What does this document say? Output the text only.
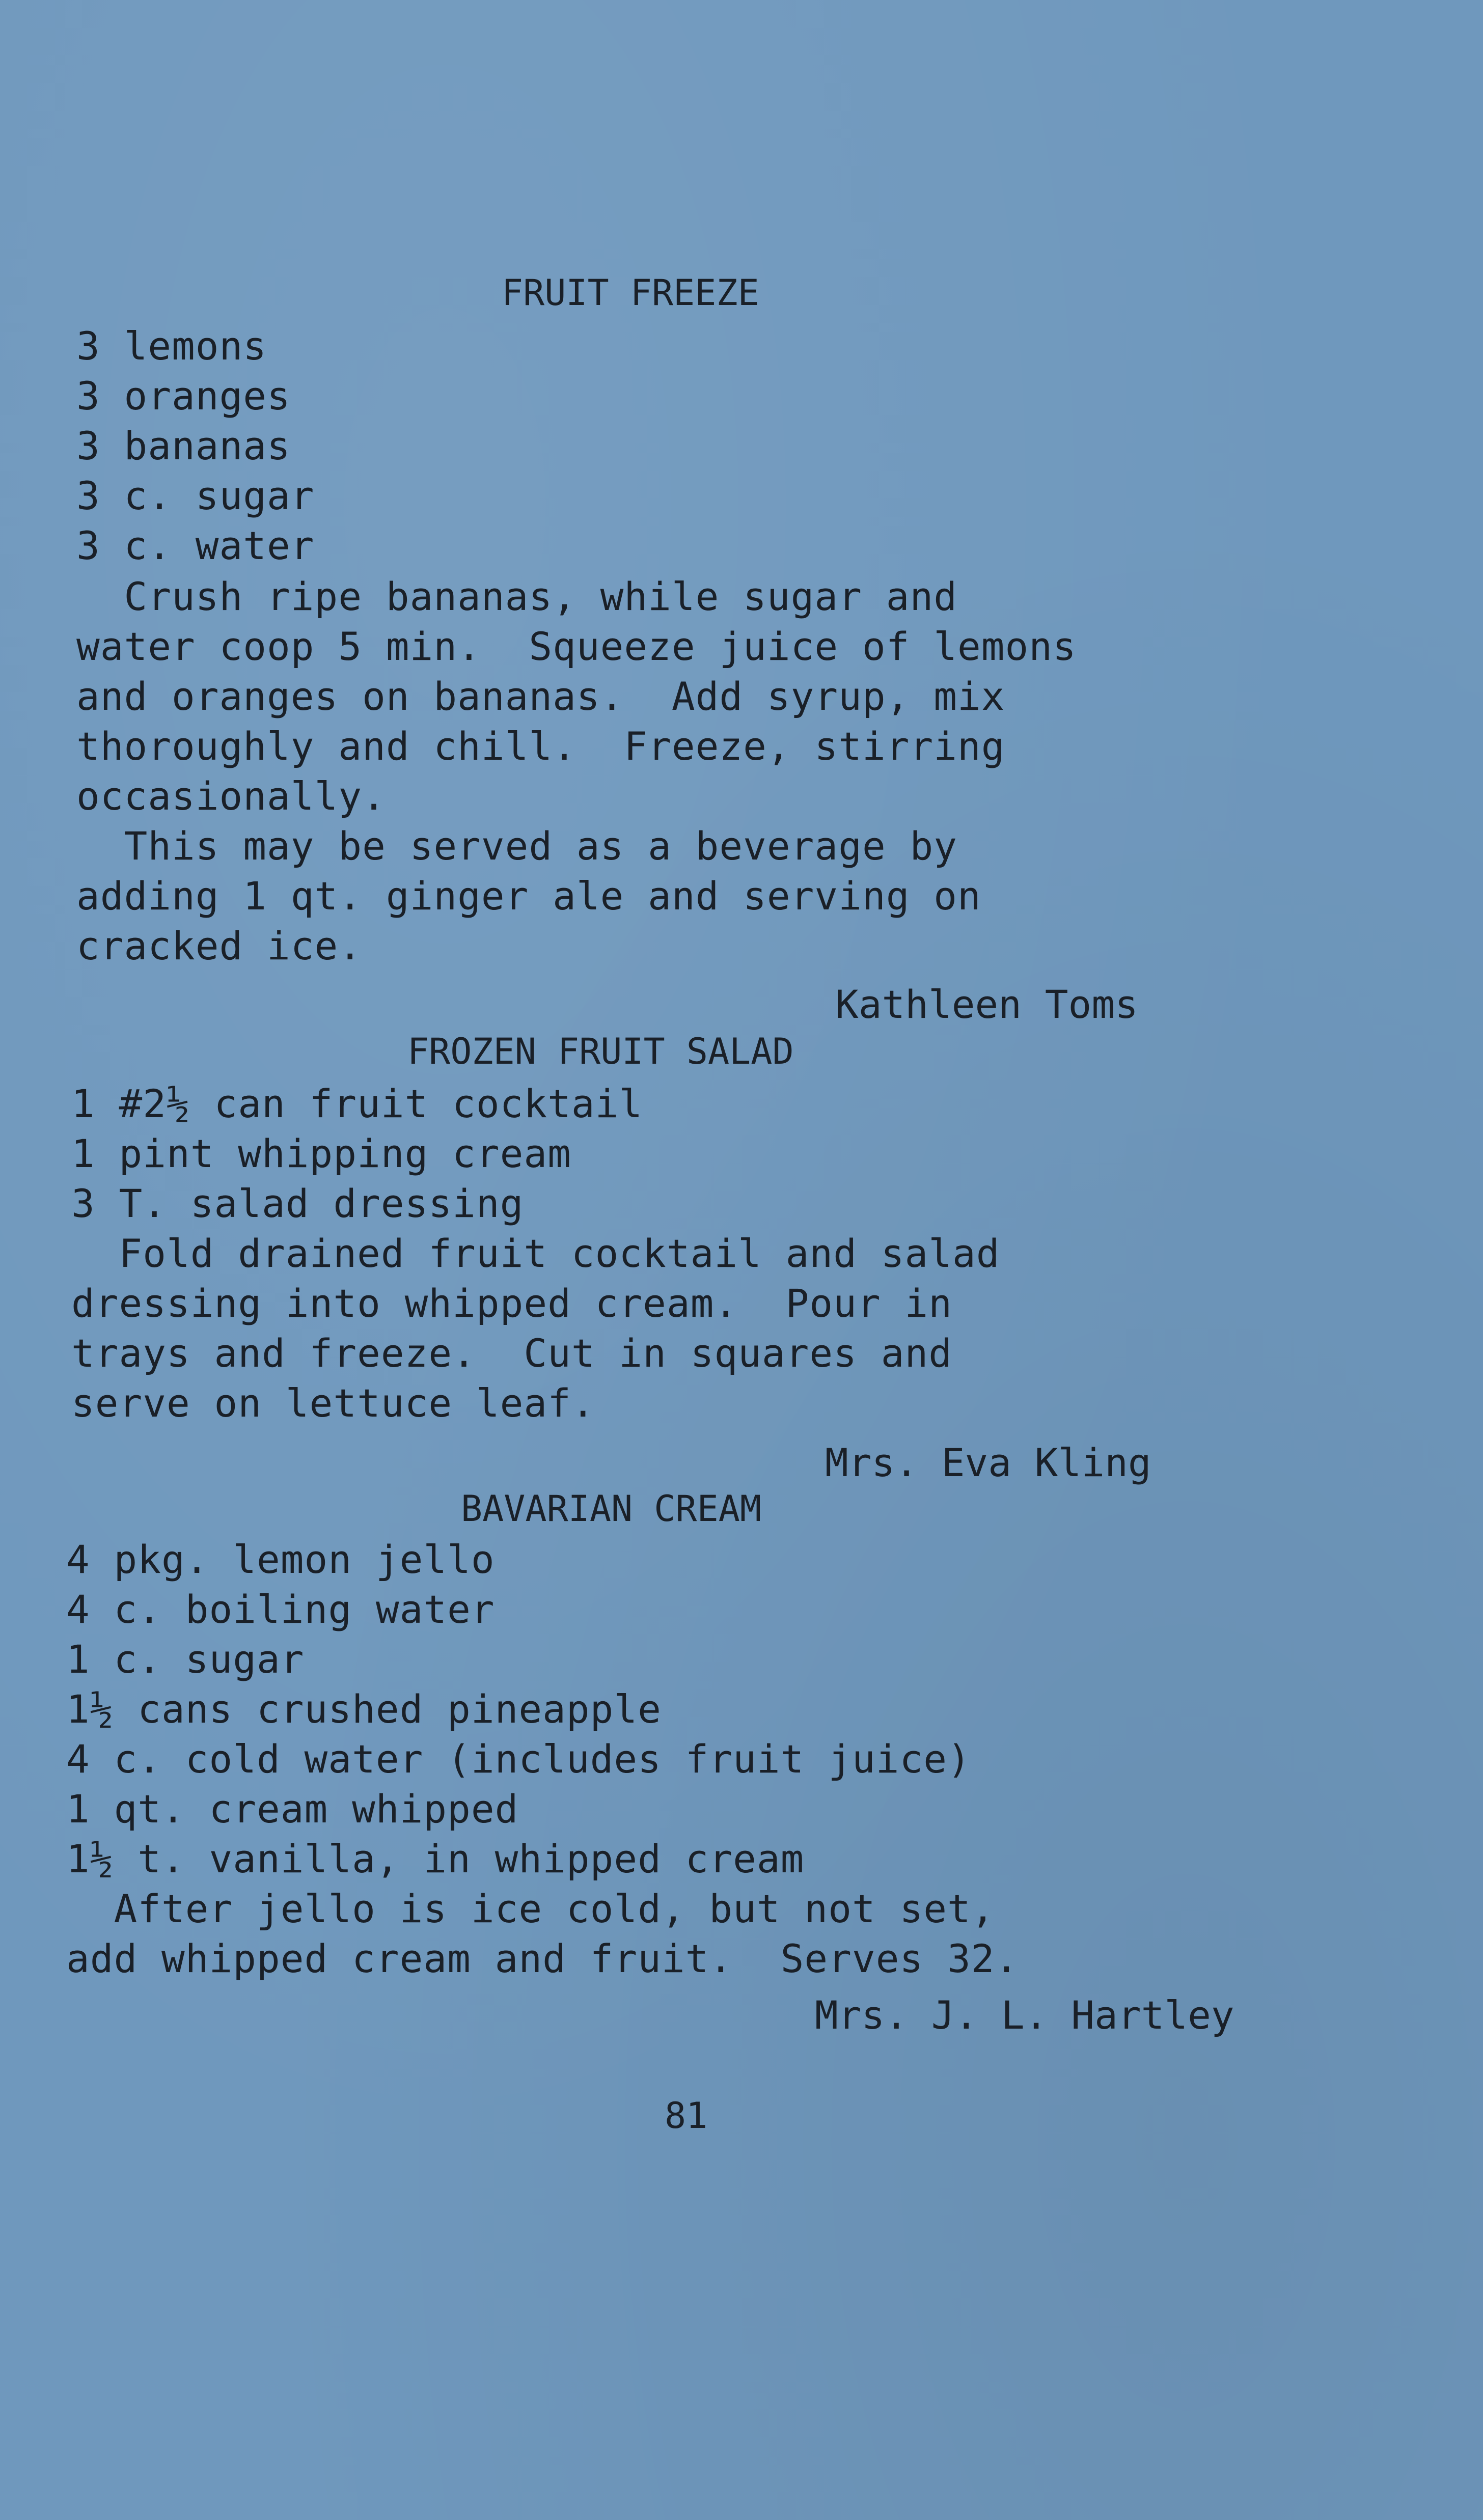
FRUIT FREEZE
3 lemons
3 oranges
3 bananas
3 c. sugar
3 c. water
Crush ripe bananas, while sugar and
water coop 5 min.  Squeeze juice of lemons
and oranges on bananas.  Add syrup, mix
thoroughly and chill.  Freeze, stirring
occasionally.
This may be served as a beverage by
adding 1 qt. ginger ale and serving on
cracked ice.
Kathleen Toms
FROZEN FRUIT SALAD
1 #2½ can fruit cocktail
1 pint whipping cream
3 T. salad dressing
Fold drained fruit cocktail and salad
dressing into whipped cream.  Pour in
trays and freeze.  Cut in squares and
serve on lettuce leaf.
Mrs. Eva Kling
BAVARIAN CREAM
4 pkg. lemon jello
4 c. boiling water
1 c. sugar
1½ cans crushed pineapple
4 c. cold water (includes fruit juice)
1 qt. cream whipped
1½ t. vanilla, in whipped cream
After jello is ice cold, but not set,
add whipped cream and fruit.  Serves 32.
Mrs. J. L. Hartley
81
